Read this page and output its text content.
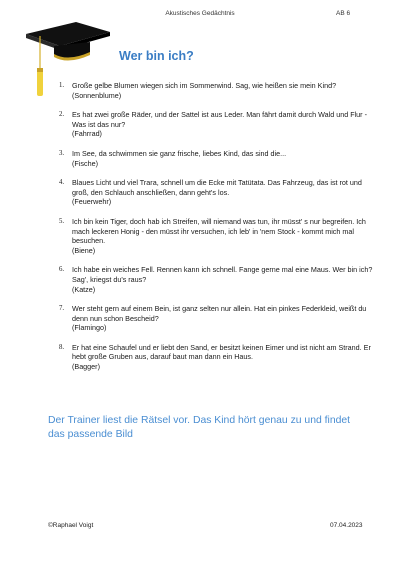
Akustisches Gedächtnis	AB 6
Wer bin ich?
1.	Große gelbe Blumen wiegen sich im Sommerwind. Sag, wie heißen sie mein Kind?
(Sonnenblume)
2.	Es hat zwei große Räder, und der Sattel ist aus Leder. Man fährt damit durch Wald und Flur - Was ist das nur?
(Fahrrad)
3.	Im See, da schwimmen sie ganz frische, liebes Kind, das sind die...
(Fische)
4.	Blaues Licht und viel Trara, schnell um die Ecke mit Tatütata. Das Fahrzeug, das ist rot und groß, den Schlauch anschließen, dann geht's los.
(Feuerwehr)
5.	Ich bin kein Tiger, doch hab ich Streifen, will niemand was tun, ihr müsst' s nur begreifen. Ich mach leckeren Honig - den müsst ihr versuchen, ich leb' in 'nem Stock - kommt mich mal besuchen.
(Biene)
6.	Ich habe ein weiches Fell. Rennen kann ich schnell. Fange gerne mal eine Maus. Wer bin ich? Sag', kriegst du's raus?
(Katze)
7.	Wer steht gern auf einem Bein, ist ganz selten nur allein. Hat ein pinkes Federkleid, weißt du denn nun schon Bescheid?
(Flamingo)
8.	Er hat eine Schaufel und er liebt den Sand, er besitzt keinen Eimer und ist nicht am Strand. Er hebt große Gruben aus, darauf baut man dann ein Haus.
(Bagger)

Der Trainer liest die Rätsel vor. Das Kind hört genau zu und findet das passende Bild

©Raphael Voigt	07.04.2023
